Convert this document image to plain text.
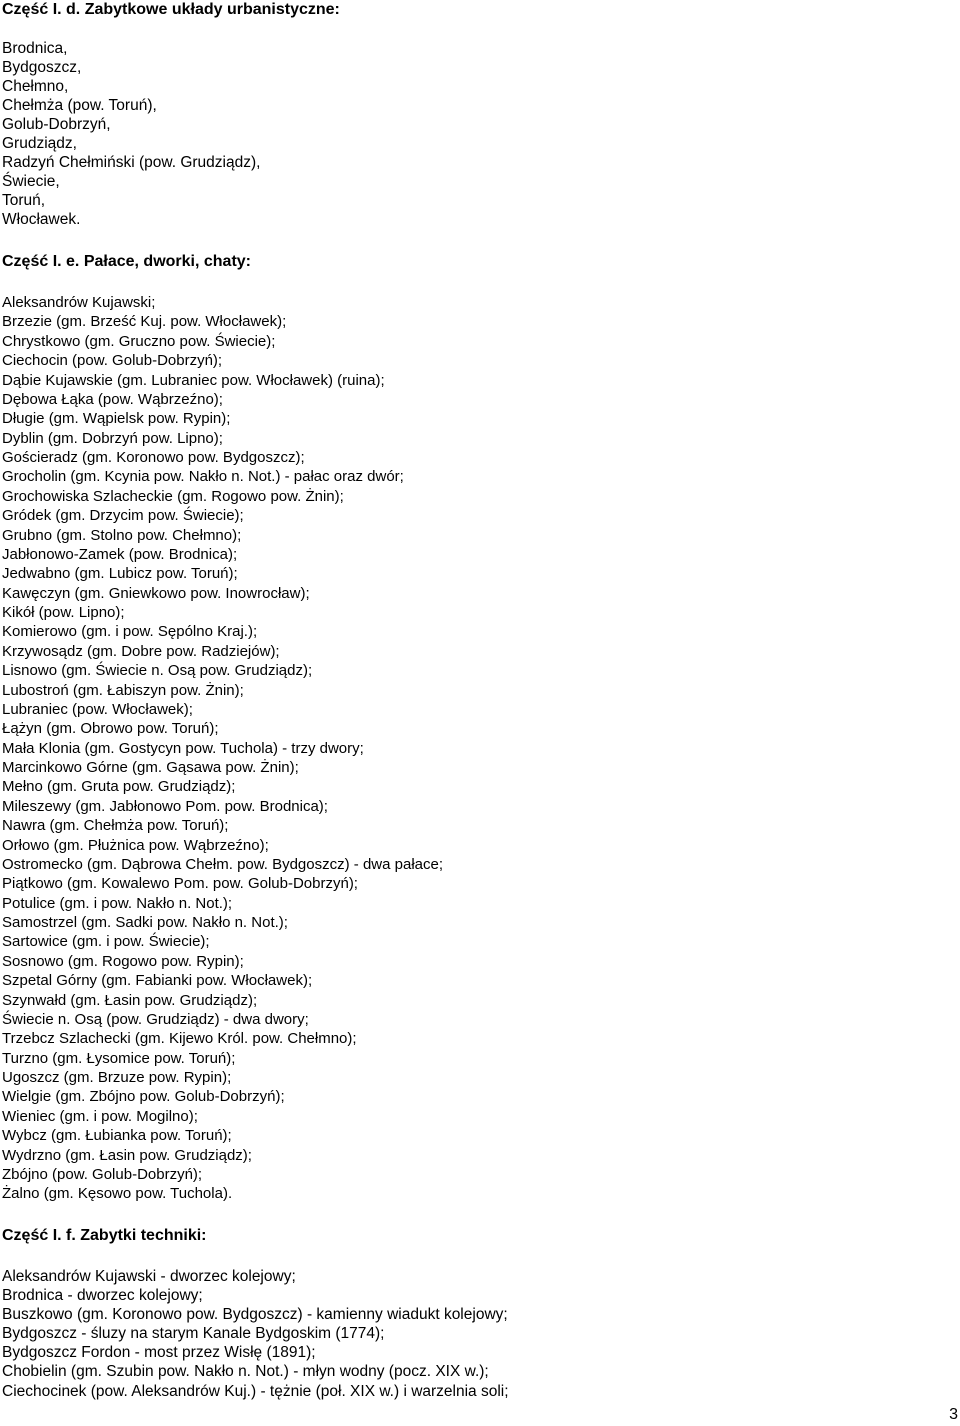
Część I. d. Zabytkowe układy urbanistyczne:
Brodnica,
Bydgoszcz,
Chełmno,
Chełmża (pow. Toruń),
Golub-Dobrzyń,
Grudziądz,
Radzyń Chełmiński (pow. Grudziądz),
Świecie,
Toruń,
Włocławek.
Część I. e. Pałace, dworki, chaty:
Aleksandrów Kujawski;
Brzezie (gm. Brześć Kuj. pow. Włocławek);
Chrystkowo (gm. Gruczno pow. Świecie);
Ciechocin (pow. Golub-Dobrzyń);
Dąbie Kujawskie (gm. Lubraniec pow. Włocławek) (ruina);
Dębowa Łąka (pow. Wąbrzeźno);
Długie (gm. Wąpielsk pow. Rypin);
Dyblin (gm. Dobrzyń pow. Lipno);
Gościeradz (gm. Koronowo pow. Bydgoszcz);
Grocholin (gm. Kcynia pow. Nakło n. Not.) - pałac oraz dwór;
Grochowiska Szlacheckie (gm. Rogowo pow. Żnin);
Gródek (gm. Drzycim pow. Świecie);
Grubno (gm. Stolno pow. Chełmno);
Jabłonowo-Zamek (pow. Brodnica);
Jedwabno (gm. Lubicz pow. Toruń);
Kawęczyn (gm. Gniewkowo pow. Inowrocław);
Kikół (pow. Lipno);
Komierowo (gm. i pow. Sępólno Kraj.);
Krzywosądz (gm. Dobre pow. Radziejów);
Lisnowo (gm. Świecie n. Osą pow. Grudziądz);
Lubostroń (gm. Łabiszyn pow. Żnin);
Lubraniec (pow. Włocławek);
Łążyn (gm. Obrowo pow. Toruń);
Mała Klonia (gm. Gostycyn pow. Tuchola) - trzy dwory;
Marcinkowo Górne (gm. Gąsawa pow. Żnin);
Mełno (gm. Gruta pow. Grudziądz);
Mileszewy (gm. Jabłonowo Pom. pow. Brodnica);
Nawra (gm. Chełmża pow. Toruń);
Orłowo (gm. Płużnica pow. Wąbrzeźno);
Ostromecko (gm. Dąbrowa Chełm. pow. Bydgoszcz) - dwa pałace;
Piątkowo (gm. Kowalewo Pom. pow. Golub-Dobrzyń);
Potulice (gm. i pow. Nakło n. Not.);
Samostrzel (gm. Sadki pow. Nakło n. Not.);
Sartowice (gm. i pow. Świecie);
Sosnowo (gm. Rogowo pow. Rypin);
Szpetal Górny (gm. Fabianki pow. Włocławek);
Szynwałd (gm. Łasin pow. Grudziądz);
Świecie n. Osą (pow. Grudziądz) - dwa dwory;
Trzebcz Szlachecki (gm. Kijewo Król. pow. Chełmno);
Turzno (gm. Łysomice pow. Toruń);
Ugoszcz (gm. Brzuze pow. Rypin);
Wielgie (gm. Zbójno pow. Golub-Dobrzyń);
Wieniec (gm. i pow. Mogilno);
Wybcz (gm. Łubianka pow. Toruń);
Wydrzno (gm. Łasin pow. Grudziądz);
Zbójno (pow. Golub-Dobrzyń);
Żalno (gm. Kęsowo pow. Tuchola).
Część I. f. Zabytki techniki:
Aleksandrów Kujawski - dworzec kolejowy;
Brodnica - dworzec kolejowy;
Buszkowo (gm. Koronowo pow. Bydgoszcz) - kamienny wiadukt kolejowy;
Bydgoszcz - śluzy na starym Kanale Bydgoskim (1774);
Bydgoszcz Fordon - most przez Wisłę (1891);
Chobielin (gm. Szubin pow. Nakło n. Not.) - młyn wodny (pocz. XIX w.);
Ciechocinek (pow. Aleksandrów Kuj.) - tężnie (poł. XIX w.) i warzelnia soli;
3
